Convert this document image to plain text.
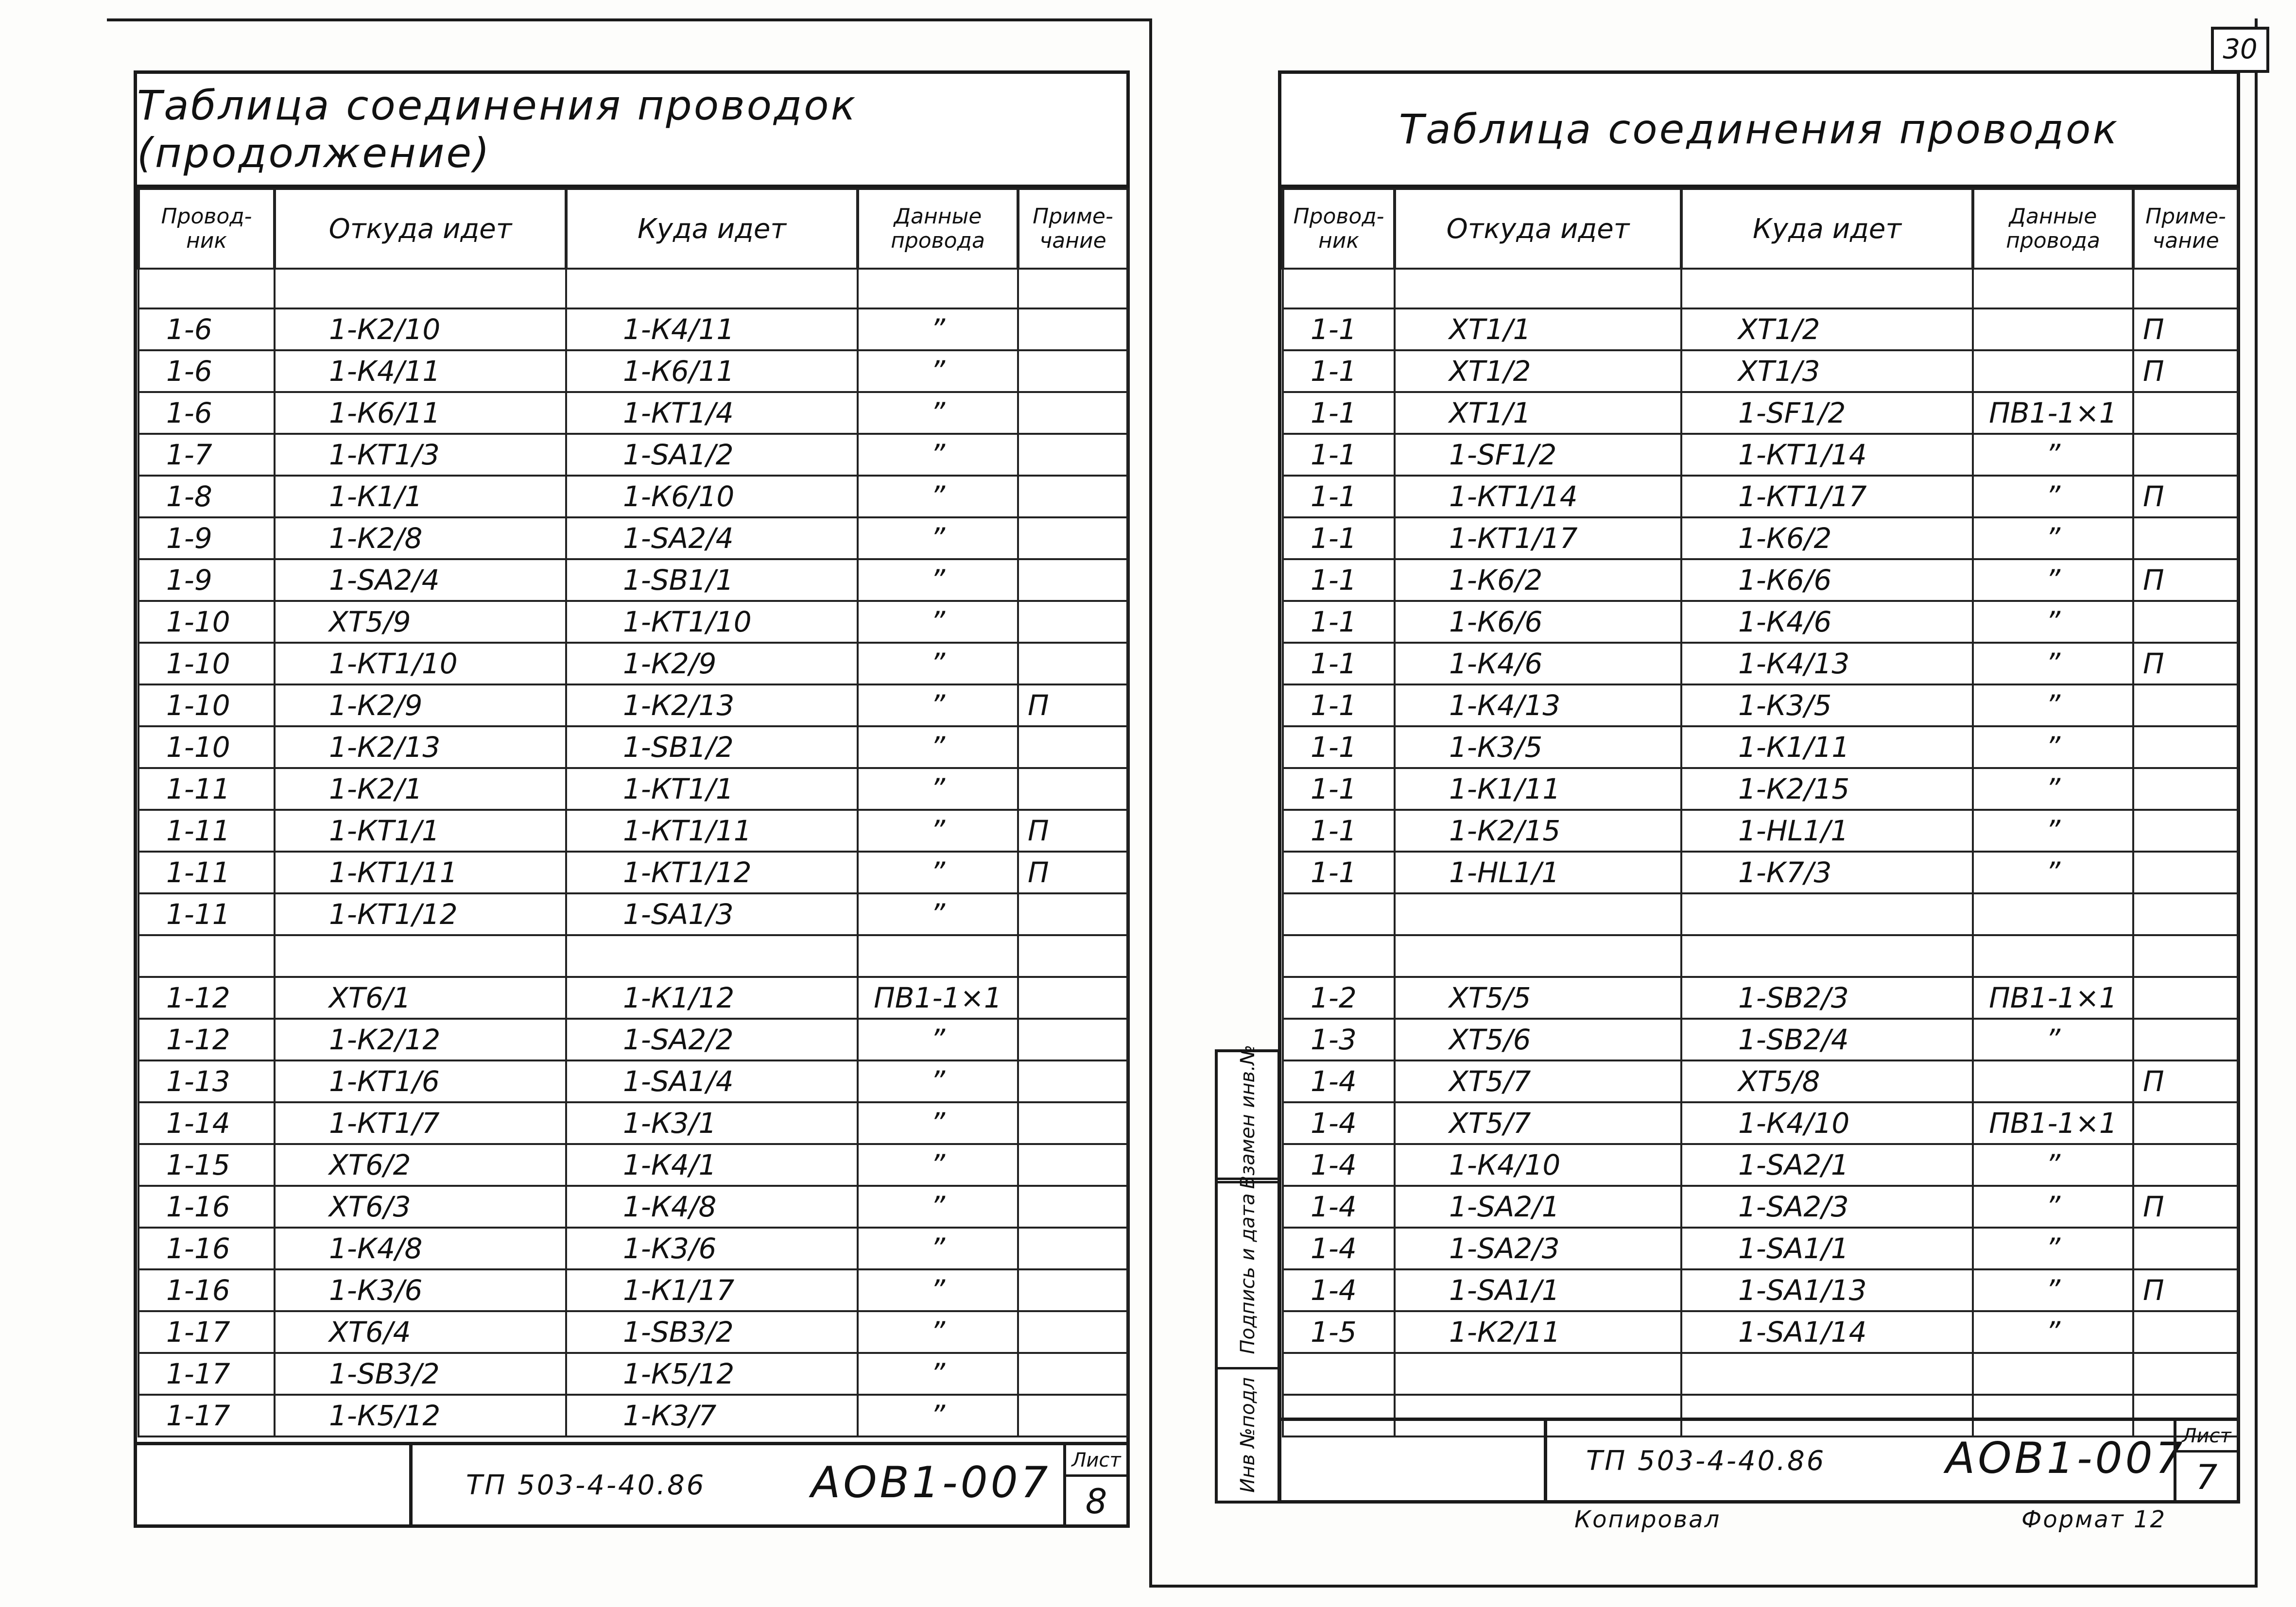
30
Таблица соединения проводок (продолжение)
Провод-ник	Откуда идет	Куда идет	Данные провода	Приме-чание

1-6	1-К2/10	1-К4/11	”	
1-6	1-К4/11	1-К6/11	”	
1-6	1-К6/11	1-КТ1/4	”	
1-7	1-КТ1/3	1-SA1/2	”	
1-8	1-К1/1	1-К6/10	”	
1-9	1-К2/8	1-SA2/4	”	
1-9	1-SA2/4	1-SB1/1	”	
1-10	ХТ5/9	1-КТ1/10	”	
1-10	1-КТ1/10	1-К2/9	”	
1-10	1-К2/9	1-К2/13	”	П
1-10	1-К2/13	1-SB1/2	”	
1-11	1-К2/1	1-КТ1/1	”	
1-11	1-КТ1/1	1-КТ1/11	”	П
1-11	1-КТ1/11	1-КТ1/12	”	П
1-11	1-КТ1/12	1-SA1/3	”	

1-12	ХТ6/1	1-К1/12	ПВ1-1×1	
1-12	1-К2/12	1-SA2/2	”	
1-13	1-КТ1/6	1-SA1/4	”	
1-14	1-КТ1/7	1-К3/1	”	
1-15	ХТ6/2	1-К4/1	”	
1-16	ХТ6/3	1-К4/8	”	
1-16	1-К4/8	1-К3/6	”	
1-16	1-К3/6	1-К1/17	”	
1-17	ХТ6/4	1-SB3/2	”	
1-17	1-SB3/2	1-К5/12	”	
1-17	1-К5/12	1-К3/7	”	
ТП 503-4-40.86 АОВ1-007 Лист
8
Таблица соединения проводок
Провод-ник	Откуда идет	Куда идет	Данные провода	Приме-чание

1-1	ХТ1/1	ХТ1/2		П
1-1	ХТ1/2	ХТ1/3		П
1-1	ХТ1/1	1-SF1/2	ПВ1-1×1	
1-1	1-SF1/2	1-КТ1/14	”	
1-1	1-КТ1/14	1-КТ1/17	”	П
1-1	1-КТ1/17	1-К6/2	”	
1-1	1-К6/2	1-К6/6	”	П
1-1	1-К6/6	1-К4/6	”	
1-1	1-К4/6	1-К4/13	”	П
1-1	1-К4/13	1-К3/5	”	
1-1	1-К3/5	1-К1/11	”	
1-1	1-К1/11	1-К2/15	”	
1-1	1-К2/15	1-HL1/1	”	
1-1	1-HL1/1	1-К7/3	”	

1-2	ХТ5/5	1-SB2/3	ПВ1-1×1	
1-3	ХТ5/6	1-SB2/4	”	
1-4	ХТ5/7	ХТ5/8		П
1-4	ХТ5/7	1-К4/10	ПВ1-1×1	
1-4	1-К4/10	1-SA2/1	”	
1-4	1-SA2/1	1-SA2/3	”	П
1-4	1-SA2/3	1-SA1/1	”	
1-4	1-SA1/1	1-SA1/13	”	П
1-5	1-К2/11	1-SA1/14	”	

ТП 503-4-40.86	АОВ1-007
Лист
7
Инв №подл
Подпись и дата
Взамен инв.№
Копировал	Формат 12
